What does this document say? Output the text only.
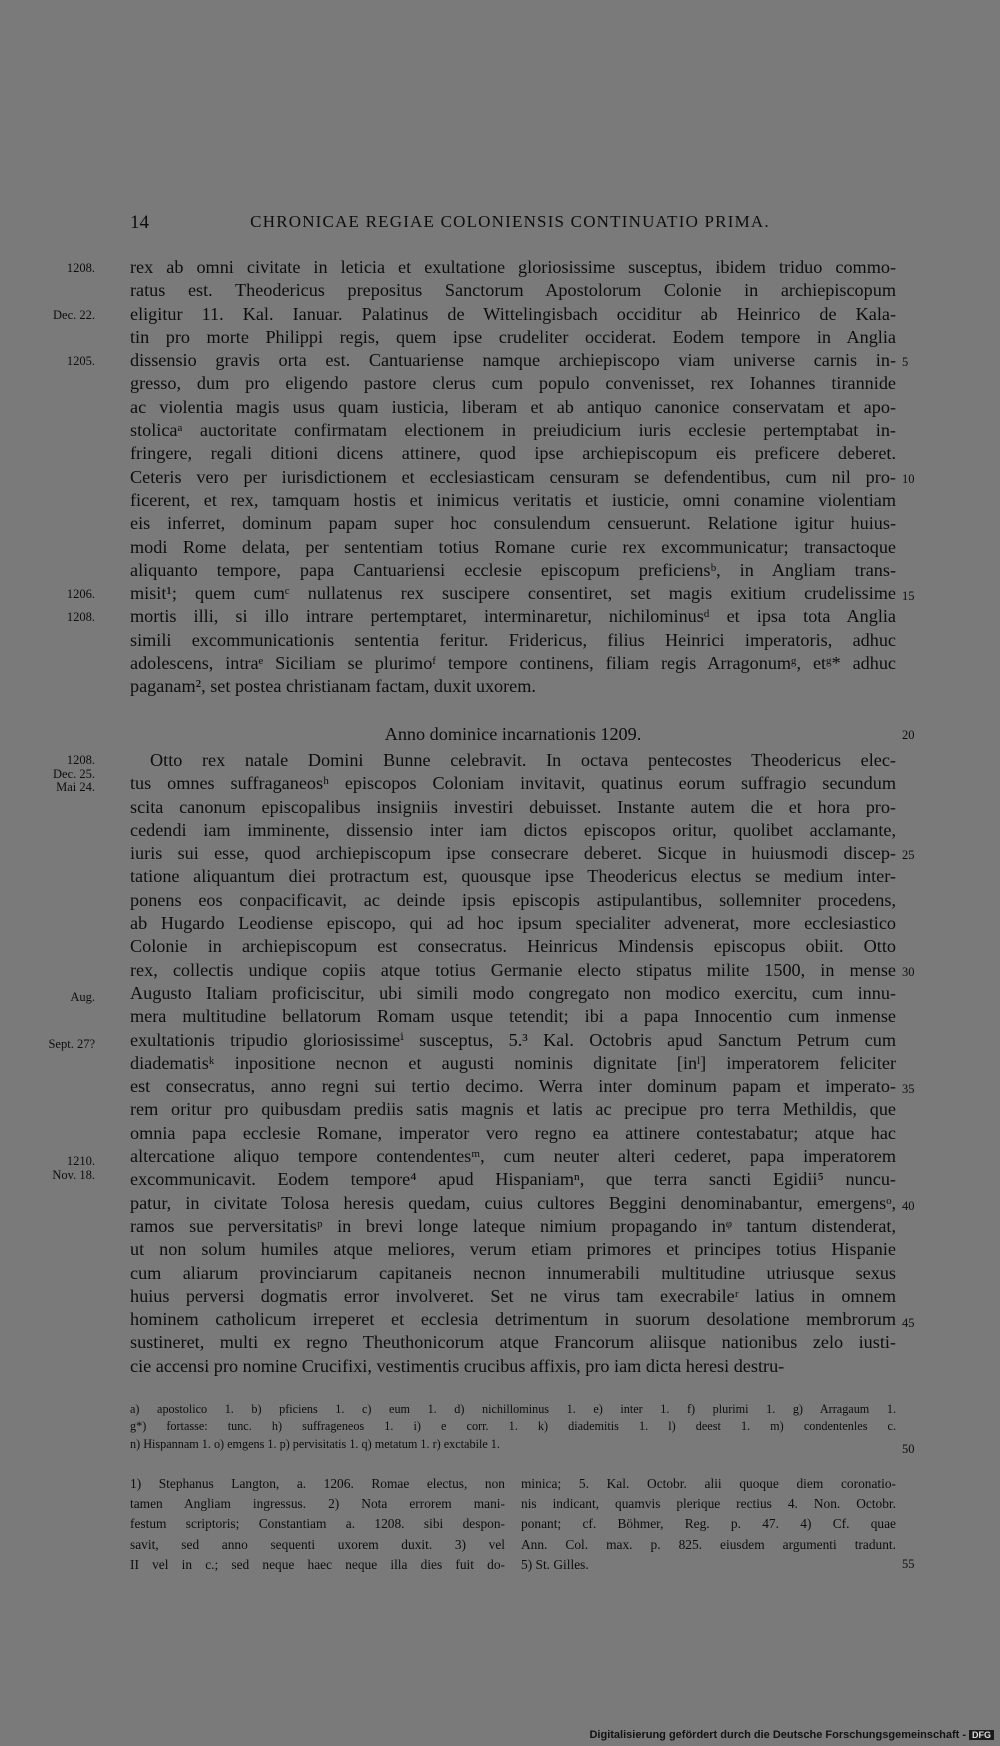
14	CHRONICAE REGIAE COLONIENSIS CONTINUATIO PRIMA.
rex ab omni civitate in leticia et exultatione gloriosissime susceptus, ibidem triduo commo-
ratus est. Theodericus prepositus Sanctorum Apostolorum Colonie in archiepiscopum
eligitur 11. Kal. Ianuar. Palatinus de Wittelingisbach occiditur ab Heinrico de Kala-
tin pro morte Philippi regis, quem ipse crudeliter occiderat. Eodem tempore in Anglia
dissensio gravis orta est. Cantuariense namque archiepiscopo viam universe carnis in-
gresso, dum pro eligendo pastore clerus cum populo convenisset, rex Iohannes tirannide
ac violentia magis usus quam iusticia, liberam et ab antiquo canonice conservatam et apo-
stolicaᵃ auctoritate confirmatam electionem in preiudicium iuris ecclesie pertemptabat in-
fringere, regali ditioni dicens attinere, quod ipse archiepiscopum eis preficere deberet.
Ceteris vero per iurisdictionem et ecclesiasticam censuram se defendentibus, cum nil pro-
ficerent, et rex, tamquam hostis et inimicus veritatis et iusticie, omni conamine violentiam
eis inferret, dominum papam super hoc consulendum censuerunt. Relatione igitur huius-
modi Rome delata, per sententiam totius Romane curie rex excommunicatur; transactoque
aliquanto tempore, papa Cantuariensi ecclesie episcopum preficiensᵇ, in Angliam trans-
misit¹; quem cumᶜ nullatenus rex suscipere consentiret, set magis exitium crudelissime
mortis illi, si illo intrare pertemptaret, interminaretur, nichilominusᵈ et ipsa tota Anglia
simili excommunicationis sententia feritur. Fridericus, filius Heinrici imperatoris, adhuc
adolescens, intraᵉ Siciliam se plurimoᶠ tempore continens, filiam regis Arragonumᵍ, etᵍ* adhuc
paganam², set postea christianam factam, duxit uxorem.
Anno dominice incarnationis 1209.
Otto rex natale Domini Bunne celebravit. In octava pentecostes Theodericus elec-
tus omnes suffraganeosʰ episcopos Coloniam invitavit, quatinus eorum suffragio secundum
scita canonum episcopalibus insigniis investiri debuisset. Instante autem die et hora pro-
cedendi iam imminente, dissensio inter iam dictos episcopos oritur, quolibet acclamante,
iuris sui esse, quod archiepiscopum ipse consecrare deberet. Sicque in huiusmodi discep-
tatione aliquantum diei protractum est, quousque ipse Theodericus electus se medium inter-
ponens eos conpacificavit, ac deinde ipsis episcopis astipulantibus, sollemniter procedens,
ab Hugardo Leodiense episcopo, qui ad hoc ipsum specialiter advenerat, more ecclesiastico
Colonie in archiepiscopum est consecratus. Heinricus Mindensis episcopus obiit. Otto
rex, collectis undique copiis atque totius Germanie electo stipatus milite 1500, in mense
Augusto Italiam proficiscitur, ubi simili modo congregato non modico exercitu, cum innu-
mera multitudine bellatorum Romam usque tetendit; ibi a papa Innocentio cum inmense
exultationis tripudio gloriosissimeⁱ susceptus, 5.³ Kal. Octobris apud Sanctum Petrum cum
diadematisᵏ inpositione necnon et augusti nominis dignitate [inˡ] imperatorem feliciter
est consecratus, anno regni sui tertio decimo. Werra inter dominum papam et imperato-
rem oritur pro quibusdam prediis satis magnis et latis ac precipue pro terra Methildis, que
omnia papa ecclesie Romane, imperator vero regno ea attinere contestabatur; atque hac
altercatione aliquo tempore contendentesᵐ, cum neuter alteri cederet, papa imperatorem
excommunicavit. Eodem tempore⁴ apud Hispaniamⁿ, que terra sancti Egidii⁵ nuncu-
patur, in civitate Tolosa heresis quedam, cuius cultores Beggini denominabantur, emergensᵒ,
ramos sue perversitatisᵖ in brevi longe lateque nimium propagando inᵠ tantum distenderat,
ut non solum humiles atque meliores, verum etiam primores et principes totius Hispanie
cum aliarum provinciarum capitaneis necnon innumerabili multitudine utriusque sexus
huius perversi dogmatis error involveret. Set ne virus tam execrabileʳ latius in omnem
hominem catholicum irreperet et ecclesia detrimentum in suorum desolatione membrorum
sustineret, multi ex regno Theuthonicorum atque Francorum aliisque nationibus zelo iusti-
cie accensi pro nomine Crucifixi, vestimentis crucibus affixis, pro iam dicta heresi destru-
1208.
Dec. 22.
1205.
1206.
1208.
1208.
Dec. 25.
Mai 24.
Aug.
Sept. 27?
1210.
Nov. 18.
5
10
15
20
25
30
35
40
45
50
55
a) apostolico 1. b) pficiens 1. c) eum 1. d) nichillominus 1. e) inter 1. f) plurimi 1. g) Arragaum 1.
g*) fortasse: tunc. h) suffrageneos 1. i) e corr. 1. k) diademitis 1. l) deest 1. m) condentenles c.
n) Hispannam 1. o) emgens 1. p) pervisitatis 1. q) metatum 1. r) exctabile 1.
1) Stephanus Langton, a. 1206. Romae electus, non
tamen Angliam ingressus. 2) Nota errorem mani-
festum scriptoris; Constantiam a. 1208. sibi despon-
savit, sed anno sequenti uxorem duxit. 3) vel
II vel in c.; sed neque haec neque illa dies fuit do-
minica; 5. Kal. Octobr. alii quoque diem coronatio-
nis indicant, quamvis plerique rectius 4. Non. Octobr.
ponant; cf. Böhmer, Reg. p. 47. 4) Cf. quae
Ann. Col. max. p. 825. eiusdem argumenti tradunt.
5) St. Gilles.
Digitalisierung gefördert durch die Deutsche Forschungsgemeinschaft - DFG
